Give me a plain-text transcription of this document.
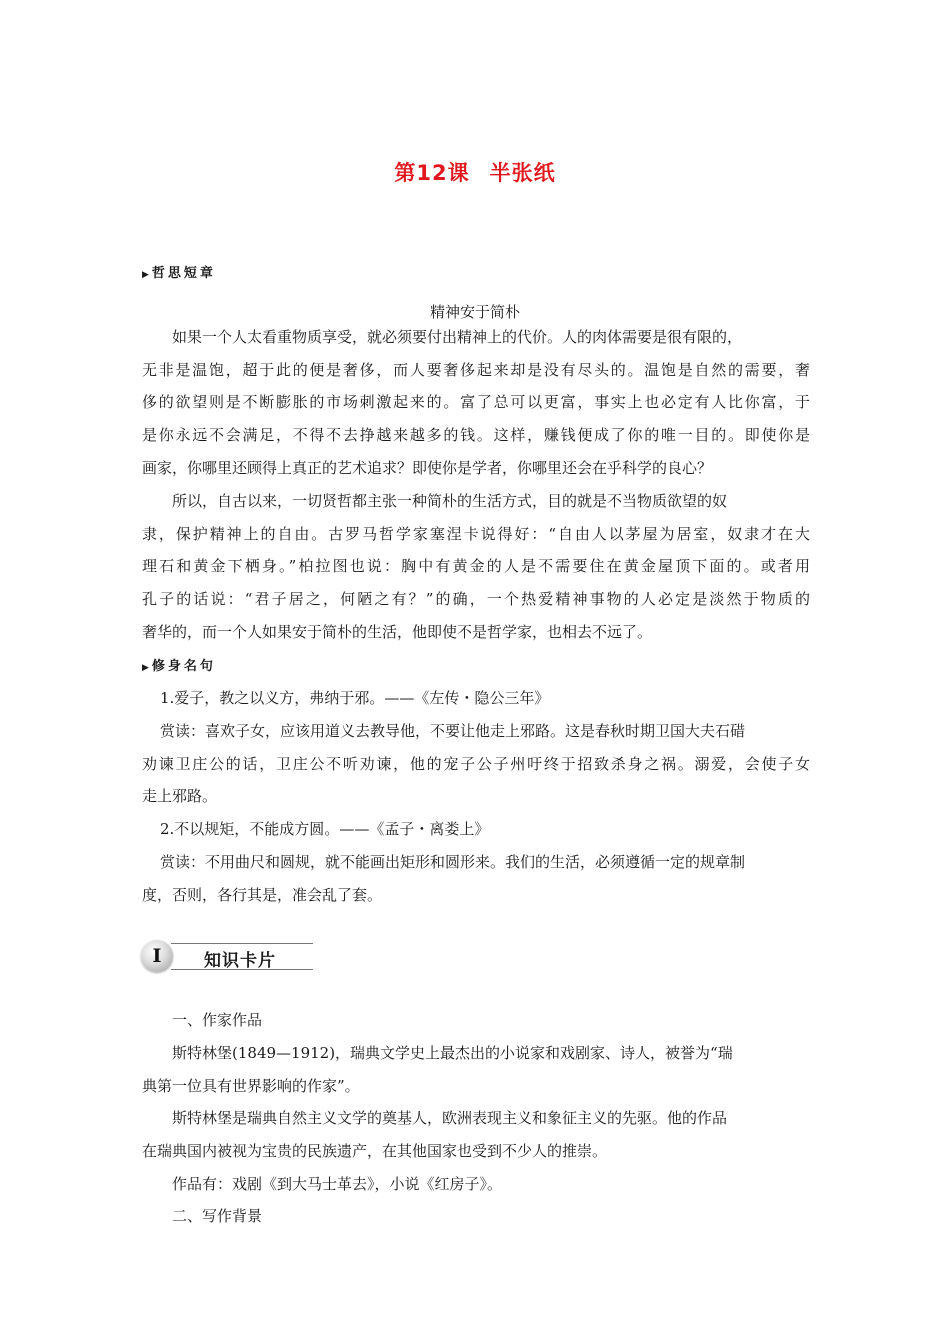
第12课 半张纸
▶ 哲思短章
精神安于简朴
如果一个人太看重物质享受，就必须要付出精神上的代价。人的肉体需要是很有限的，
无非是温饱，超于此的便是奢侈，而人要奢侈起来却是没有尽头的。温饱是自然的需要，奢
侈的欲望则是不断膨胀的市场刺激起来的。富了总可以更富，事实上也必定有人比你富，于
是你永远不会满足，不得不去挣越来越多的钱。这样，赚钱便成了你的唯一目的。即使你是
画家，你哪里还顾得上真正的艺术追求？即使你是学者，你哪里还会在乎科学的良心？
所以，自古以来，一切贤哲都主张一种简朴的生活方式，目的就是不当物质欲望的奴
隶，保护精神上的自由。古罗马哲学家塞涅卡说得好：“自由人以茅屋为居室，奴隶才在大
理石和黄金下栖身。”柏拉图也说：胸中有黄金的人是不需要住在黄金屋顶下面的。或者用
孔子的话说：“君子居之，何陋之有？”的确，一个热爱精神事物的人必定是淡然于物质的
奢华的，而一个人如果安于简朴的生活，他即使不是哲学家，也相去不远了。
▶ 修身名句
1.爱子，教之以义方，弗纳于邪。——《左传・隐公三年》
赏读：喜欢子女，应该用道义去教导他，不要让他走上邪路。这是春秋时期卫国大夫石碏
劝谏卫庄公的话，卫庄公不听劝谏，他的宠子公子州吁终于招致杀身之祸。溺爱，会使子女
走上邪路。
2.不以规矩，不能成方圆。——《孟子・离娄上》
赏读：不用曲尺和圆规，就不能画出矩形和圆形来。我们的生活，必须遵循一定的规章制
度，否则，各行其是，准会乱了套。
I	知识卡片
一、作家作品
斯特林堡(1849—1912)，瑞典文学史上最杰出的小说家和戏剧家、诗人，被誉为“瑞
典第一位具有世界影响的作家”。
斯特林堡是瑞典自然主义文学的奠基人，欧洲表现主义和象征主义的先驱。他的作品
在瑞典国内被视为宝贵的民族遗产，在其他国家也受到不少人的推崇。
作品有：戏剧《到大马士革去》，小说《红房子》。
二、写作背景
